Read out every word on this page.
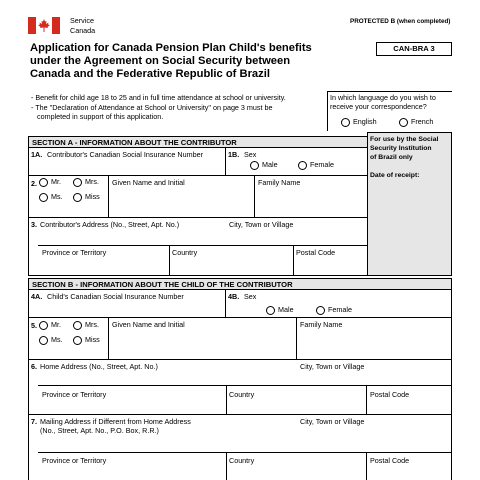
Service
Canada
PROTECTED B (when completed)
CAN-BRA 3
Application for Canada Pension Plan Child's benefits
under the Agreement on Social Security between
Canada and the Federative Republic of Brazil
- Benefit for child age 18 to 25 and in full time attendance at school or university.
- The "Declaration of Attendance at School or University" on page 3 must be
completed in support of this application.
In which language do you wish to
receive your correspondence?
English	French
SECTION A - INFORMATION ABOUT THE CONTRIBUTOR	For use by the Social
Security Institution
of Brazil only
Date of receipt:
1A. Contributor's Canadian Social Insurance Number	1B. Sex
Male	Female
2.	Mr.	Mrs.
Ms.	Miss
Given Name and Initial	Family Name
3. Contributor's Address (No., Street, Apt. No.)	City, Town or Village
Province or Territory	Country	Postal Code
SECTION B - INFORMATION ABOUT THE CHILD OF THE CONTRIBUTOR
4A. Child's Canadian Social Insurance Number	4B. Sex
Male	Female
5.	Mr.	Mrs.
Ms.	Miss
Given Name and Initial	Family Name
6. Home Address (No., Street, Apt. No.)	City, Town or Village
Province or Territory	Country	Postal Code
7. Mailing Address if Different from Home Address
(No., Street, Apt. No., P.O. Box, R.R.)
City, Town or Village
Province or Territory	Country	Postal Code
